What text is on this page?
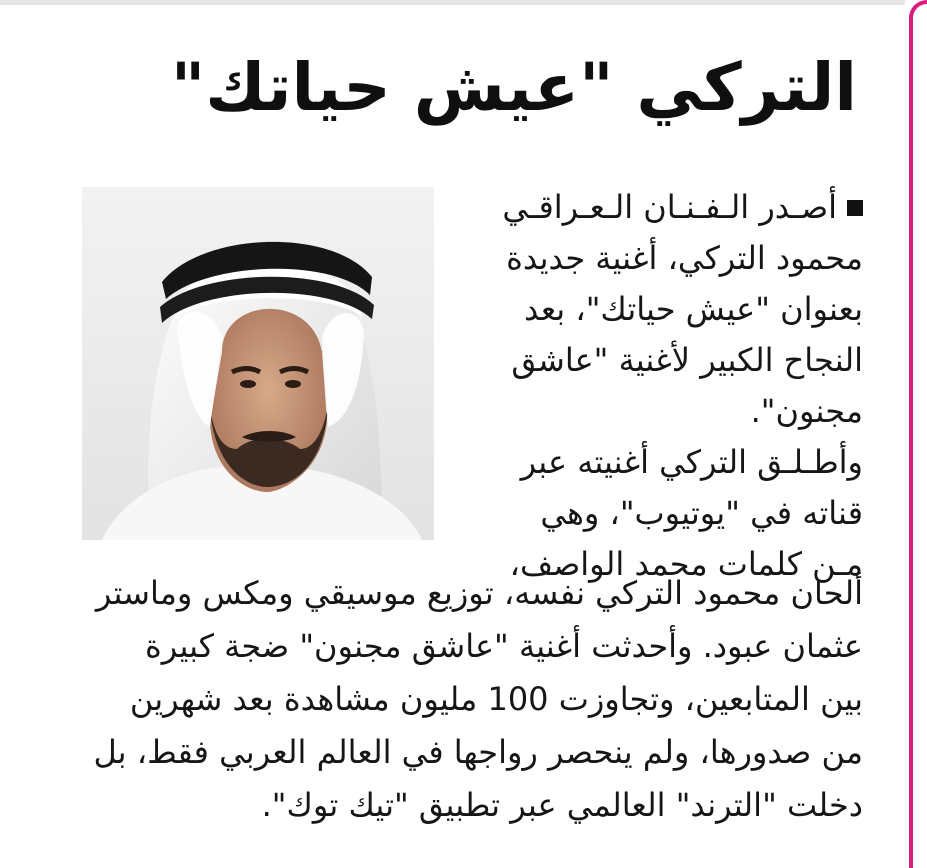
التركي "عيش حياتك"
أصـدر الـفـنـان الـعـراقـي
محمود التركي، أغنية جديدة
بعنوان "عيش حياتك"، بعد
النجاح الكبير لأغنية "عاشق
مجنون".
وأطـلـق التركي أغنيته عبر
قناته في "يوتيوب"، وهي
مـن كلمات محمد الواصف،
ألحان محمود التركي نفسه، توزيع موسيقي ومكس وماستر
عثمان عبود. وأحدثت أغنية "عاشق مجنون" ضجة كبيرة
بين المتابعين، وتجاوزت 100 مليون مشاهدة بعد شهرين
من صدورها، ولم ينحصر رواجها في العالم العربي فقط، بل
دخلت "الترند" العالمي عبر تطبيق "تيك توك".
